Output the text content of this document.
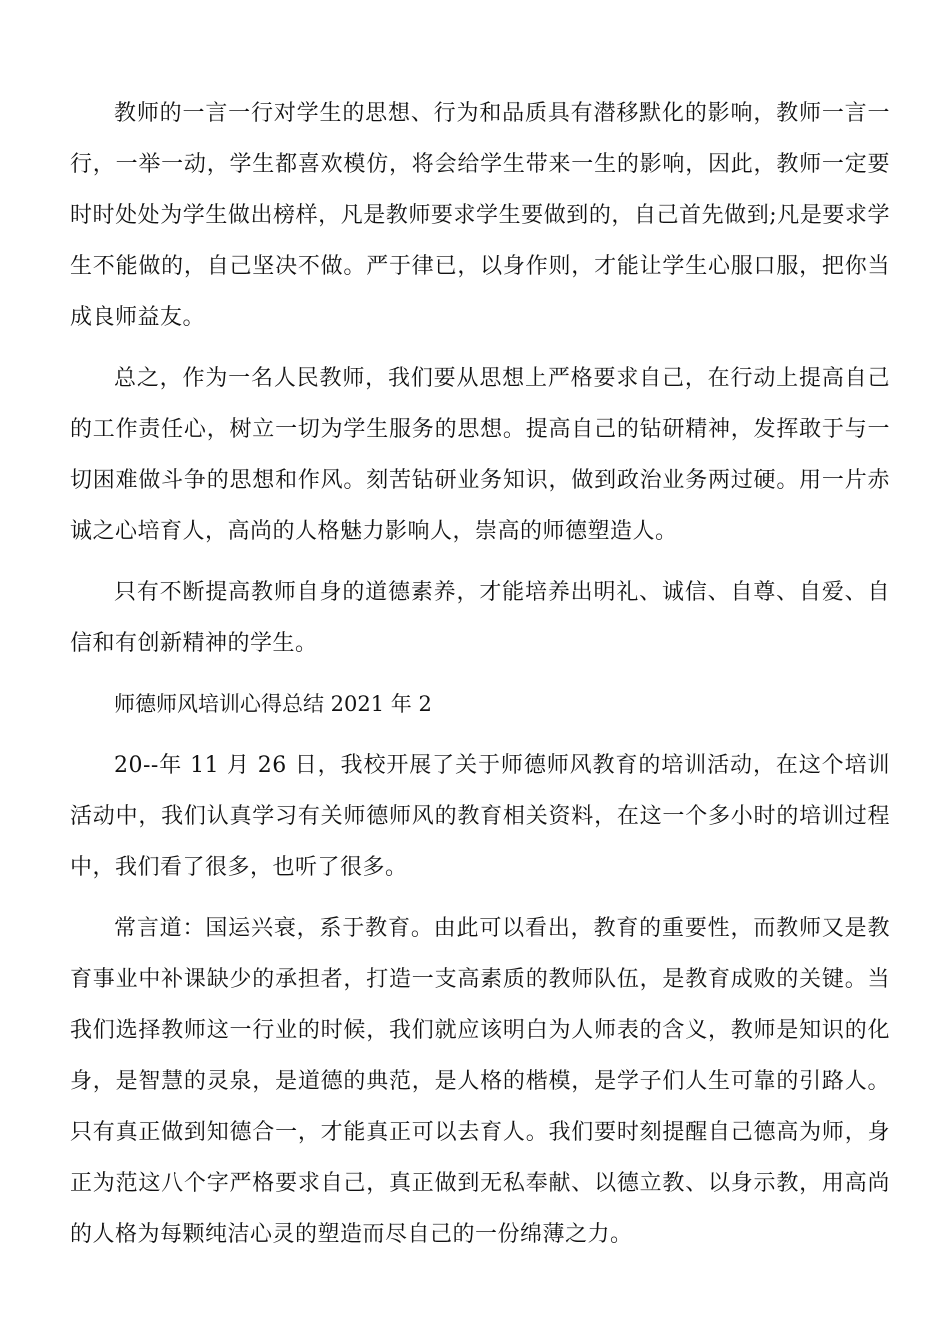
教师的一言一行对学生的思想、行为和品质具有潜移默化的影响，教师一言一行，一举一动，学生都喜欢模仿，将会给学生带来一生的影响，因此，教师一定要时时处处为学生做出榜样，凡是教师要求学生要做到的，自己首先做到;凡是要求学生不能做的，自己坚决不做。严于律已，以身作则，才能让学生心服口服，把你当成良师益友。

总之，作为一名人民教师，我们要从思想上严格要求自己，在行动上提高自己的工作责任心，树立一切为学生服务的思想。提高自己的钻研精神，发挥敢于与一切困难做斗争的思想和作风。刻苦钻研业务知识，做到政治业务两过硬。用一片赤诚之心培育人，高尚的人格魅力影响人，崇高的师德塑造人。

只有不断提高教师自身的道德素养，才能培养出明礼、诚信、自尊、自爱、自信和有创新精神的学生。

师德师风培训心得总结 2021 年 2

20--年 11 月 26 日，我校开展了关于师德师风教育的培训活动，在这个培训活动中，我们认真学习有关师德师风的教育相关资料，在这一个多小时的培训过程中，我们看了很多，也听了很多。

常言道：国运兴衰，系于教育。由此可以看出，教育的重要性，而教师又是教育事业中补课缺少的承担者，打造一支高素质的教师队伍，是教育成败的关键。当我们选择教师这一行业的时候，我们就应该明白为人师表的含义，教师是知识的化身，是智慧的灵泉，是道德的典范，是人格的楷模，是学子们人生可靠的引路人。只有真正做到知德合一，才能真正可以去育人。我们要时刻提醒自己德高为师，身正为范这八个字严格要求自己，真正做到无私奉献、以德立教、以身示教，用高尚的人格为每颗纯洁心灵的塑造而尽自己的一份绵薄之力。
